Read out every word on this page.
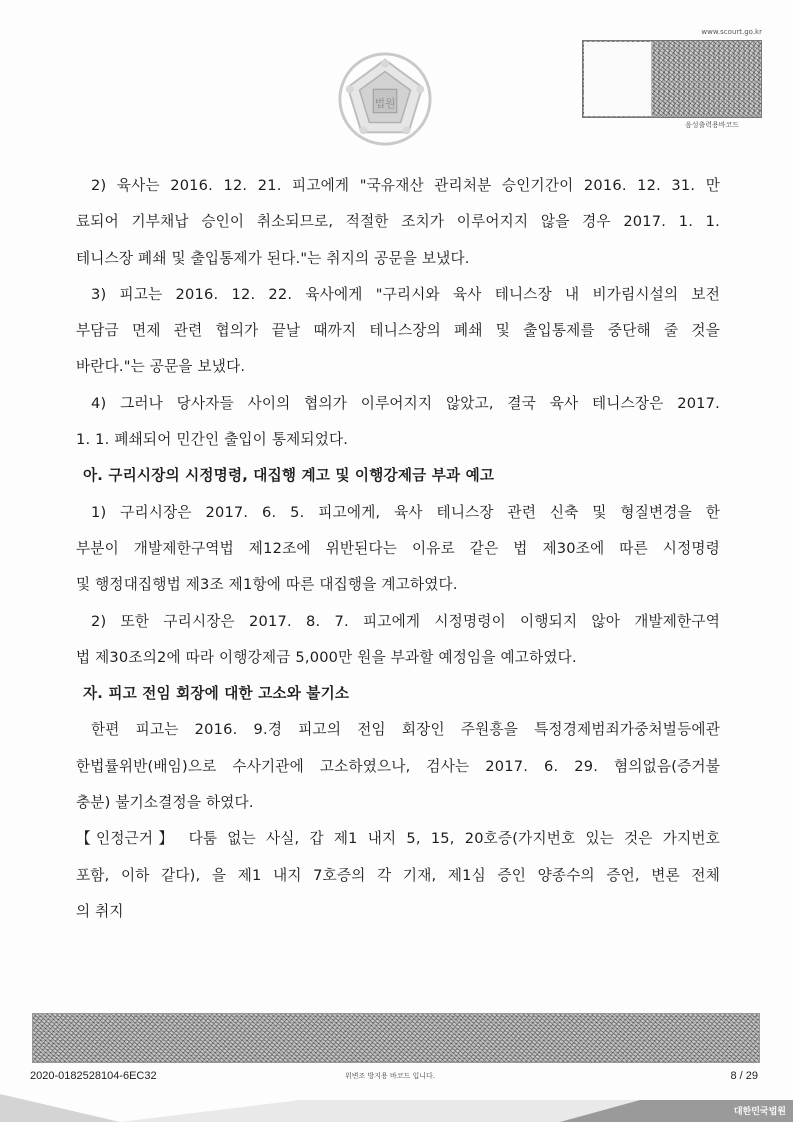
법원
www.scourt.go.kr
음성출력용바코드
2) 육사는 2016. 12. 21. 피고에게 "국유재산 관리처분 승인기간이 2016. 12. 31. 만
료되어 기부채납 승인이 취소되므로, 적절한 조치가 이루어지지 않을 경우 2017. 1. 1.
테니스장 폐쇄 및 출입통제가 된다."는 취지의 공문을 보냈다.
3) 피고는 2016. 12. 22. 육사에게 "구리시와 육사 테니스장 내 비가림시설의 보전
부담금 면제 관련 협의가 끝날 때까지 테니스장의 폐쇄 및 출입통제를 중단해 줄 것을
바란다."는 공문을 보냈다.
4) 그러나 당사자들 사이의 협의가 이루어지지 않았고, 결국 육사 테니스장은 2017.
1. 1. 폐쇄되어 민간인 출입이 통제되었다.
아. 구리시장의 시정명령, 대집행 계고 및 이행강제금 부과 예고
1) 구리시장은 2017. 6. 5. 피고에게, 육사 테니스장 관련 신축 및 형질변경을 한
부분이 개발제한구역법 제12조에 위반된다는 이유로 같은 법 제30조에 따른 시정명령
및 행정대집행법 제3조 제1항에 따른 대집행을 계고하였다.
2) 또한 구리시장은 2017. 8. 7. 피고에게 시정명령이 이행되지 않아 개발제한구역
법 제30조의2에 따라 이행강제금 5,000만 원을 부과할 예정임을 예고하였다.
자. 피고 전임 회장에 대한 고소와 불기소
한편 피고는 2016. 9.경 피고의 전임 회장인 주원흥을 특정경제범죄가중처벌등에관
한법률위반(배임)으로 수사기관에 고소하였으나, 검사는 2017. 6. 29. 혐의없음(증거불
충분) 불기소결정을 하였다.
【인정근거】 다툼 없는 사실, 갑 제1 내지 5, 15, 20호증(가지번호 있는 것은 가지번호
포함, 이하 같다), 을 제1 내지 7호증의 각 기재, 제1심 증인 양종수의 증언, 변론 전체
의 취지
2020-0182528104-6EC32	위변조 방지용 바코드 입니다.	8 / 29
대한민국법원
